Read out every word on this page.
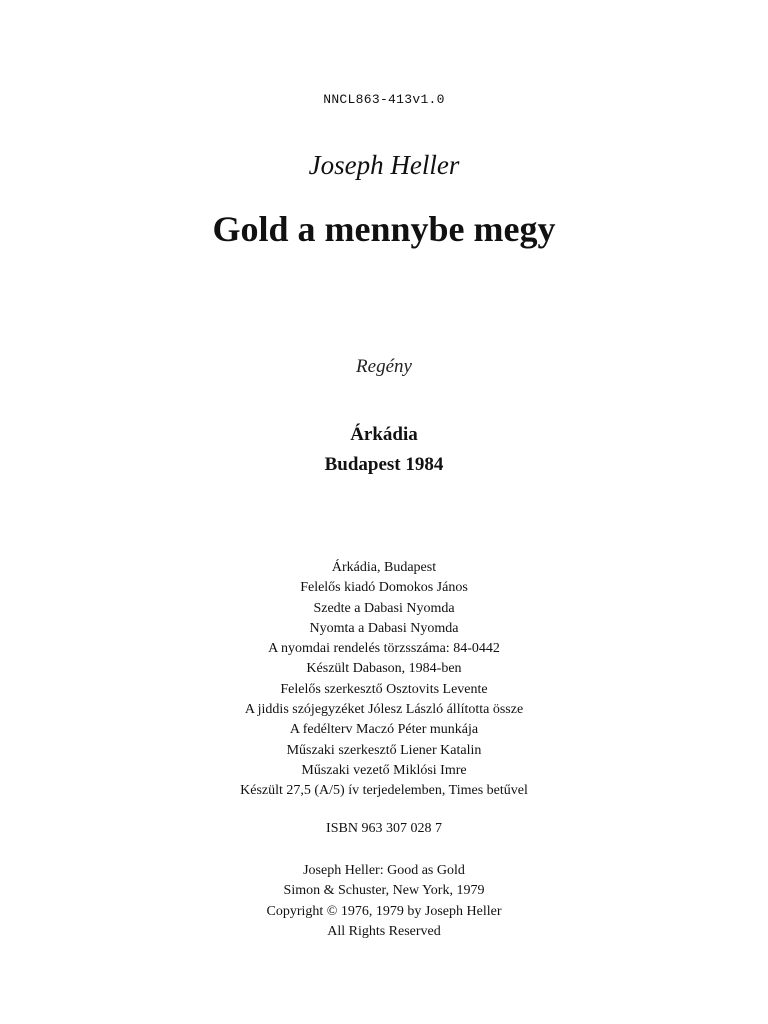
NNCL863-413v1.0
Joseph Heller
Gold a mennybe megy
Regény
Árkádia
Budapest 1984
Árkádia, Budapest
Felelős kiadó Domokos János
Szedte a Dabasi Nyomda
Nyomta a Dabasi Nyomda
A nyomdai rendelés törzsszáma: 84-0442
Készült Dabason, 1984-ben
Felelős szerkesztő Osztovits Levente
A jiddis szójegyzéket Jólesz László állította össze
A fedélterv Maczó Péter munkája
Műszaki szerkesztő Liener Katalin
Műszaki vezető Miklósi Imre
Készült 27,5 (A/5) ív terjedelemben, Times betűvel
ISBN 963 307 028 7
Joseph Heller: Good as Gold
Simon & Schuster, New York, 1979
Copyright © 1976, 1979 by Joseph Heller
All Rights Reserved
